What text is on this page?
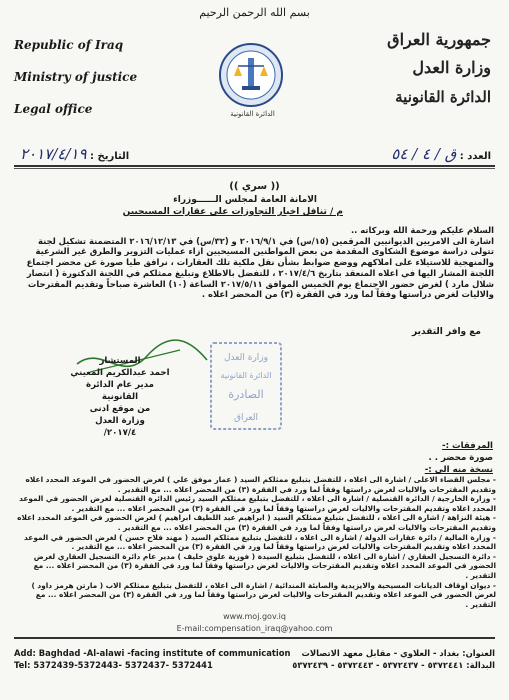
بسم الله الرحمن الرحيم
Republic of Iraq
Ministry of justice
Legal office
جمهورية العراق
وزارة العدل
الدائرة القانونية
الدائرة القانونية
العدد : ق / ٤ / ٥٤
التاريخ : ٢٠١٧/٤/١٩
(( سري ))
الامانة العامة لمجلس الــــــوزراء
م / تنافل اخبار التجاوزات على عقارات المسيحيين

السلام عليكم ورحمة الله وبركاته ..

اشارة الى الامريين الديوانيين المرقمين (١٥/س) في ٢٠١٦/٩/١ و (٣٢/س) في ٢٠١٦/١٢/١٣ المتضمنة تشكيل لجنة تتولى دراسة موضوع الشكاوى المقدمة من بعض المواطنين المسيحيين ازاء عمليات التزوير والطرق غير الشرعية والمنهجية للاستيلاء على املاكهم ووضع ضوابط بشأن نقل ملكية تلك العقارات ، نرافق طيا صورة عن محضر اجتماع اللجنة المشار اليها في اعلاه المنعقد بتاريخ ٢٠١٧/٤/٦ ، للتفضل بالاطلاع وتبليغ ممثلكم في اللجنة الدكتورة ( انتصار شلال مارد ) لغرض حضور الاجتماع يوم الخميس الموافق ٢٠١٧/٥/١١ الساعة (١٠) العاشرة صباحاً وتقديم المقترحات والاليات لغرض دراستها وفقاً لما ورد في الفقرة (٣) من المحضر اعلاه .

مع وافر التقدير
المستشار
احمد عبدالكريم المعيني
مدير عام الدائرة القانونية
من موقع ادنى
وزارة العدل
٢٠١٧/٤/
وزارة العدل
الدائرة القانونية
الصادرة
العراق
المرفقات :-
صورة محضر . .
نسخة منه الى :-

- مجلس القضاء الاعلى / اشارة الى اعلاه ، للتفضل بتبليغ ممثلكم السيد ( عمار موفق علي ) لغرض الحضور في الموعد المحدد اعلاه وتقديم المقترحات والاليات لغرض دراستها وفقاً لما ورد في الفقرة (٣) من المحضر اعلاه ... مع التقدير .

- وزارة الخارجية / الدائرة القنصلية / اشارة الى اعلاه ، للتفضل بتبليغ ممثلكم السيد رئيس الدائرة القنصلية لغرض الحضور في الموعد المحدد اعلاه وتقديم المقترحات والاليات لغرض دراستها وفقاً لما ورد في الفقرة (٣) من المحضر اعلاه ... مع التقدير .

- هيئة النزاهة / اشارة الى اعلاه ، للتفضل بتبليغ ممثلكم السيد ( ابراهيم عبد اللطيف ابراهيم ) لغرض الحضور في الموعد المحدد اعلاه وتقديم المقترحات والاليات لغرض دراستها وفقاً لما ورد في الفقرة (٣) من المحضر اعلاه ... مع التقدير .

- وزارة المالية / دائرة عقارات الدولة / اشارة الى اعلاه ، للتفضل بتبليغ ممثلكم السيد ( مهند فلاح حسن ) لغرض الحضور في الموعد المحدد اعلاه وتقديم المقترحات والاليات لغرض دراستها وفقاً لما ورد في الفقرة (٣) من المحضر اعلاه ... مع التقدير .

- دائرة التسجيل العقاري / اشارة الى اعلاه ، للتفضل بتبليغ السيدة ( فوزية علوي خليف ) مدير عام دائرة التسجيل العقاري لغرض الحضور في الموعد المحدد اعلاه وتقديم المقترحات والاليات لغرض دراستها وفقاً لما ورد في الفقرة (٣) من المحضر اعلاه ... مع التقدير .

- ديوان اوقاف الديانات المسيحية والايزيدية والصابئة المندائية / اشارة الى اعلاه ، للتفضل بتبليغ ممثلكم الاب ( مارتن هرمز داود ) لغرض الحضور في الموعد اعلاه وتقديم المقترحات والاليات لغرض دراستها وفقاً لما ورد في الفقرة (٣) من المحضر اعلاه ... مع التقدير .

www.moj.gov.iq
E-mail:compensation_iraq@yahoo.com
Add: Baghdad -Al-alawi -facing institute of communication
Tel: 5372439-5372443- 5372437- 5372441
العنوان: بغداد - العلاوي - مقابل معهد الاتصالات
البدالة: ٥٣٧٢٤٤١ - ٥٣٧٢٤٣٧ - ٥٣٧٢٤٤٣ - ٥٣٧٢٤٣٩
